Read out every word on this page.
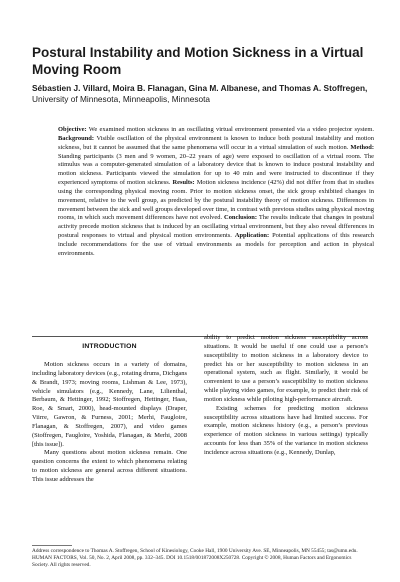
Postural Instability and Motion Sickness in a Virtual Moving Room
Sébastien J. Villard, Moira B. Flanagan, Gina M. Albanese, and Thomas A. Stoffregen,
University of Minnesota, Minneapolis, Minnesota

Objective: We examined motion sickness in an oscillating virtual environment presented via a video projector system. Background: Visible oscillation of the physical environment is known to induce both postural instability and motion sickness, but it cannot be assumed that the same phenomena will occur in a virtual simulation of such motion. Method: Standing participants (3 men and 9 women, 20–22 years of age) were exposed to oscillation of a virtual room. The stimulus was a computer-generated simulation of a laboratory device that is known to induce postural instability and motion sickness. Participants viewed the simulation for up to 40 min and were instructed to discontinue if they experienced symptoms of motion sickness. Results: Motion sickness incidence (42%) did not differ from that in studies using the corresponding physical moving room. Prior to motion sickness onset, the sick group exhibited changes in movement, relative to the well group, as predicted by the postural instability theory of motion sickness. Differences in movement between the sick and well groups developed over time, in contrast with previous studies using physical moving rooms, in which such movement differences have not evolved. Conclusion: The results indicate that changes in postural activity precede motion sickness that is induced by an oscillating virtual environment, but they also reveal differences in postural responses to virtual and physical motion environments. Application: Potential applications of this research include recommendations for the use of virtual environments as models for perception and action in physical environments.

INTRODUCTION

Motion sickness occurs in a variety of domains, including laboratory devices (e.g., rotating drums, Dichgans & Brandt, 1973; moving rooms, Lishman & Lee, 1973), vehicle simulators (e.g., Kennedy, Lane, Lilienthal, Berbaum, & Hettinger, 1992; Stoffregen, Hettinger, Haas, Roe, & Smart, 2000), head-mounted displays (Draper, Viirre, Gawron, & Furness, 2001; Merhi, Faugloire, Flanagan, & Stoffregen, 2007), and video games (Stoffregen, Faugloire, Yoshida, Flanagan, & Merhi, 2008 [this issue]).

Many questions about motion sickness remain. One question concerns the extent to which phenomena relating to motion sickness are general across different situations. This issue addresses the

ability to predict motion sickness susceptibility across situations. It would be useful if one could use a person’s susceptibility to motion sickness in a laboratory device to predict his or her susceptibility to motion sickness in an operational system, such as flight. Similarly, it would be convenient to use a person’s susceptibility to motion sickness while playing video games, for example, to predict their risk of motion sickness while piloting high-performance aircraft.

Existing schemes for predicting motion sickness susceptibility across situations have had limited success. For example, motion sickness history (e.g., a person’s previous experience of motion sickness in various settings) typically accounts for less than 35% of the variance in motion sickness incidence across situations (e.g., Kennedy, Dunlap,

Address correspondence to Thomas A. Stoffregen, School of Kinesiology, Cooke Hall, 1900 University Ave. SE, Minneapolis, MN 55455; tas@umn.edu. HUMAN FACTORS, Vol. 50, No. 2, April 2008, pp. 332–345. DOI 10.1518/001872008X250728. Copyright © 2008, Human Factors and Ergonomics Society. All rights reserved.
